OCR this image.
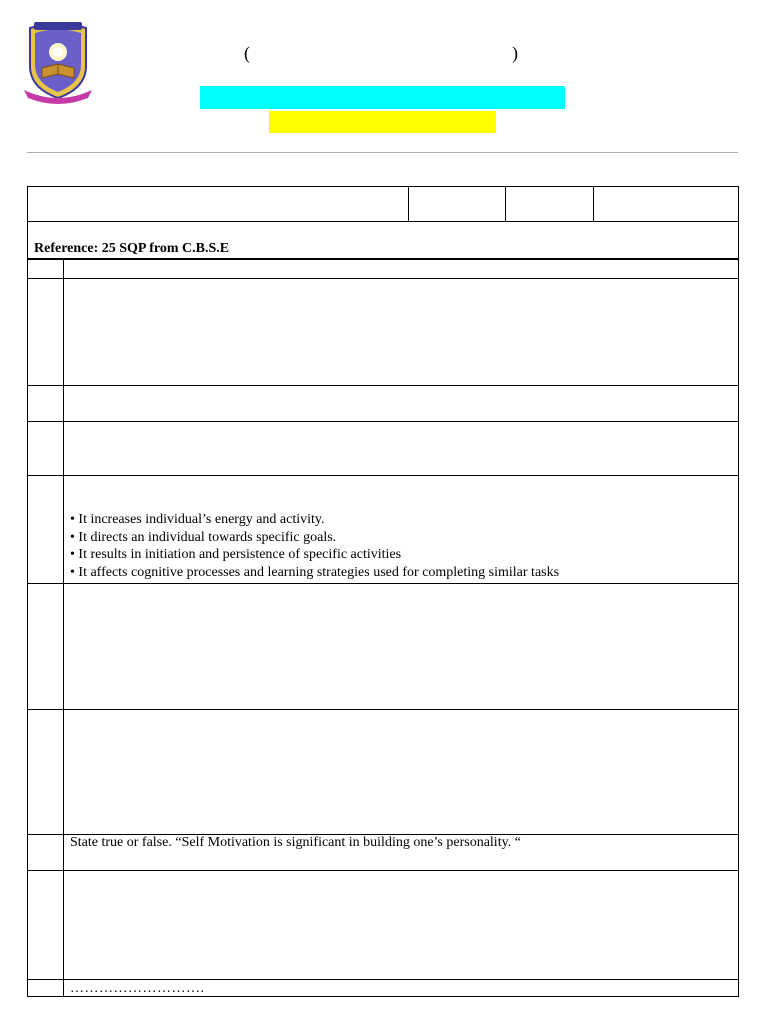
(	)
Reference: 25 SQP from C.B.S.E
• It increases individual’s energy and activity.
• It directs an individual towards specific goals.
• It results in initiation and persistence of specific activities
• It affects cognitive processes and learning strategies used for completing similar tasks
State true or false. “Self Motivation is significant in building one’s personality. “
……………………….
